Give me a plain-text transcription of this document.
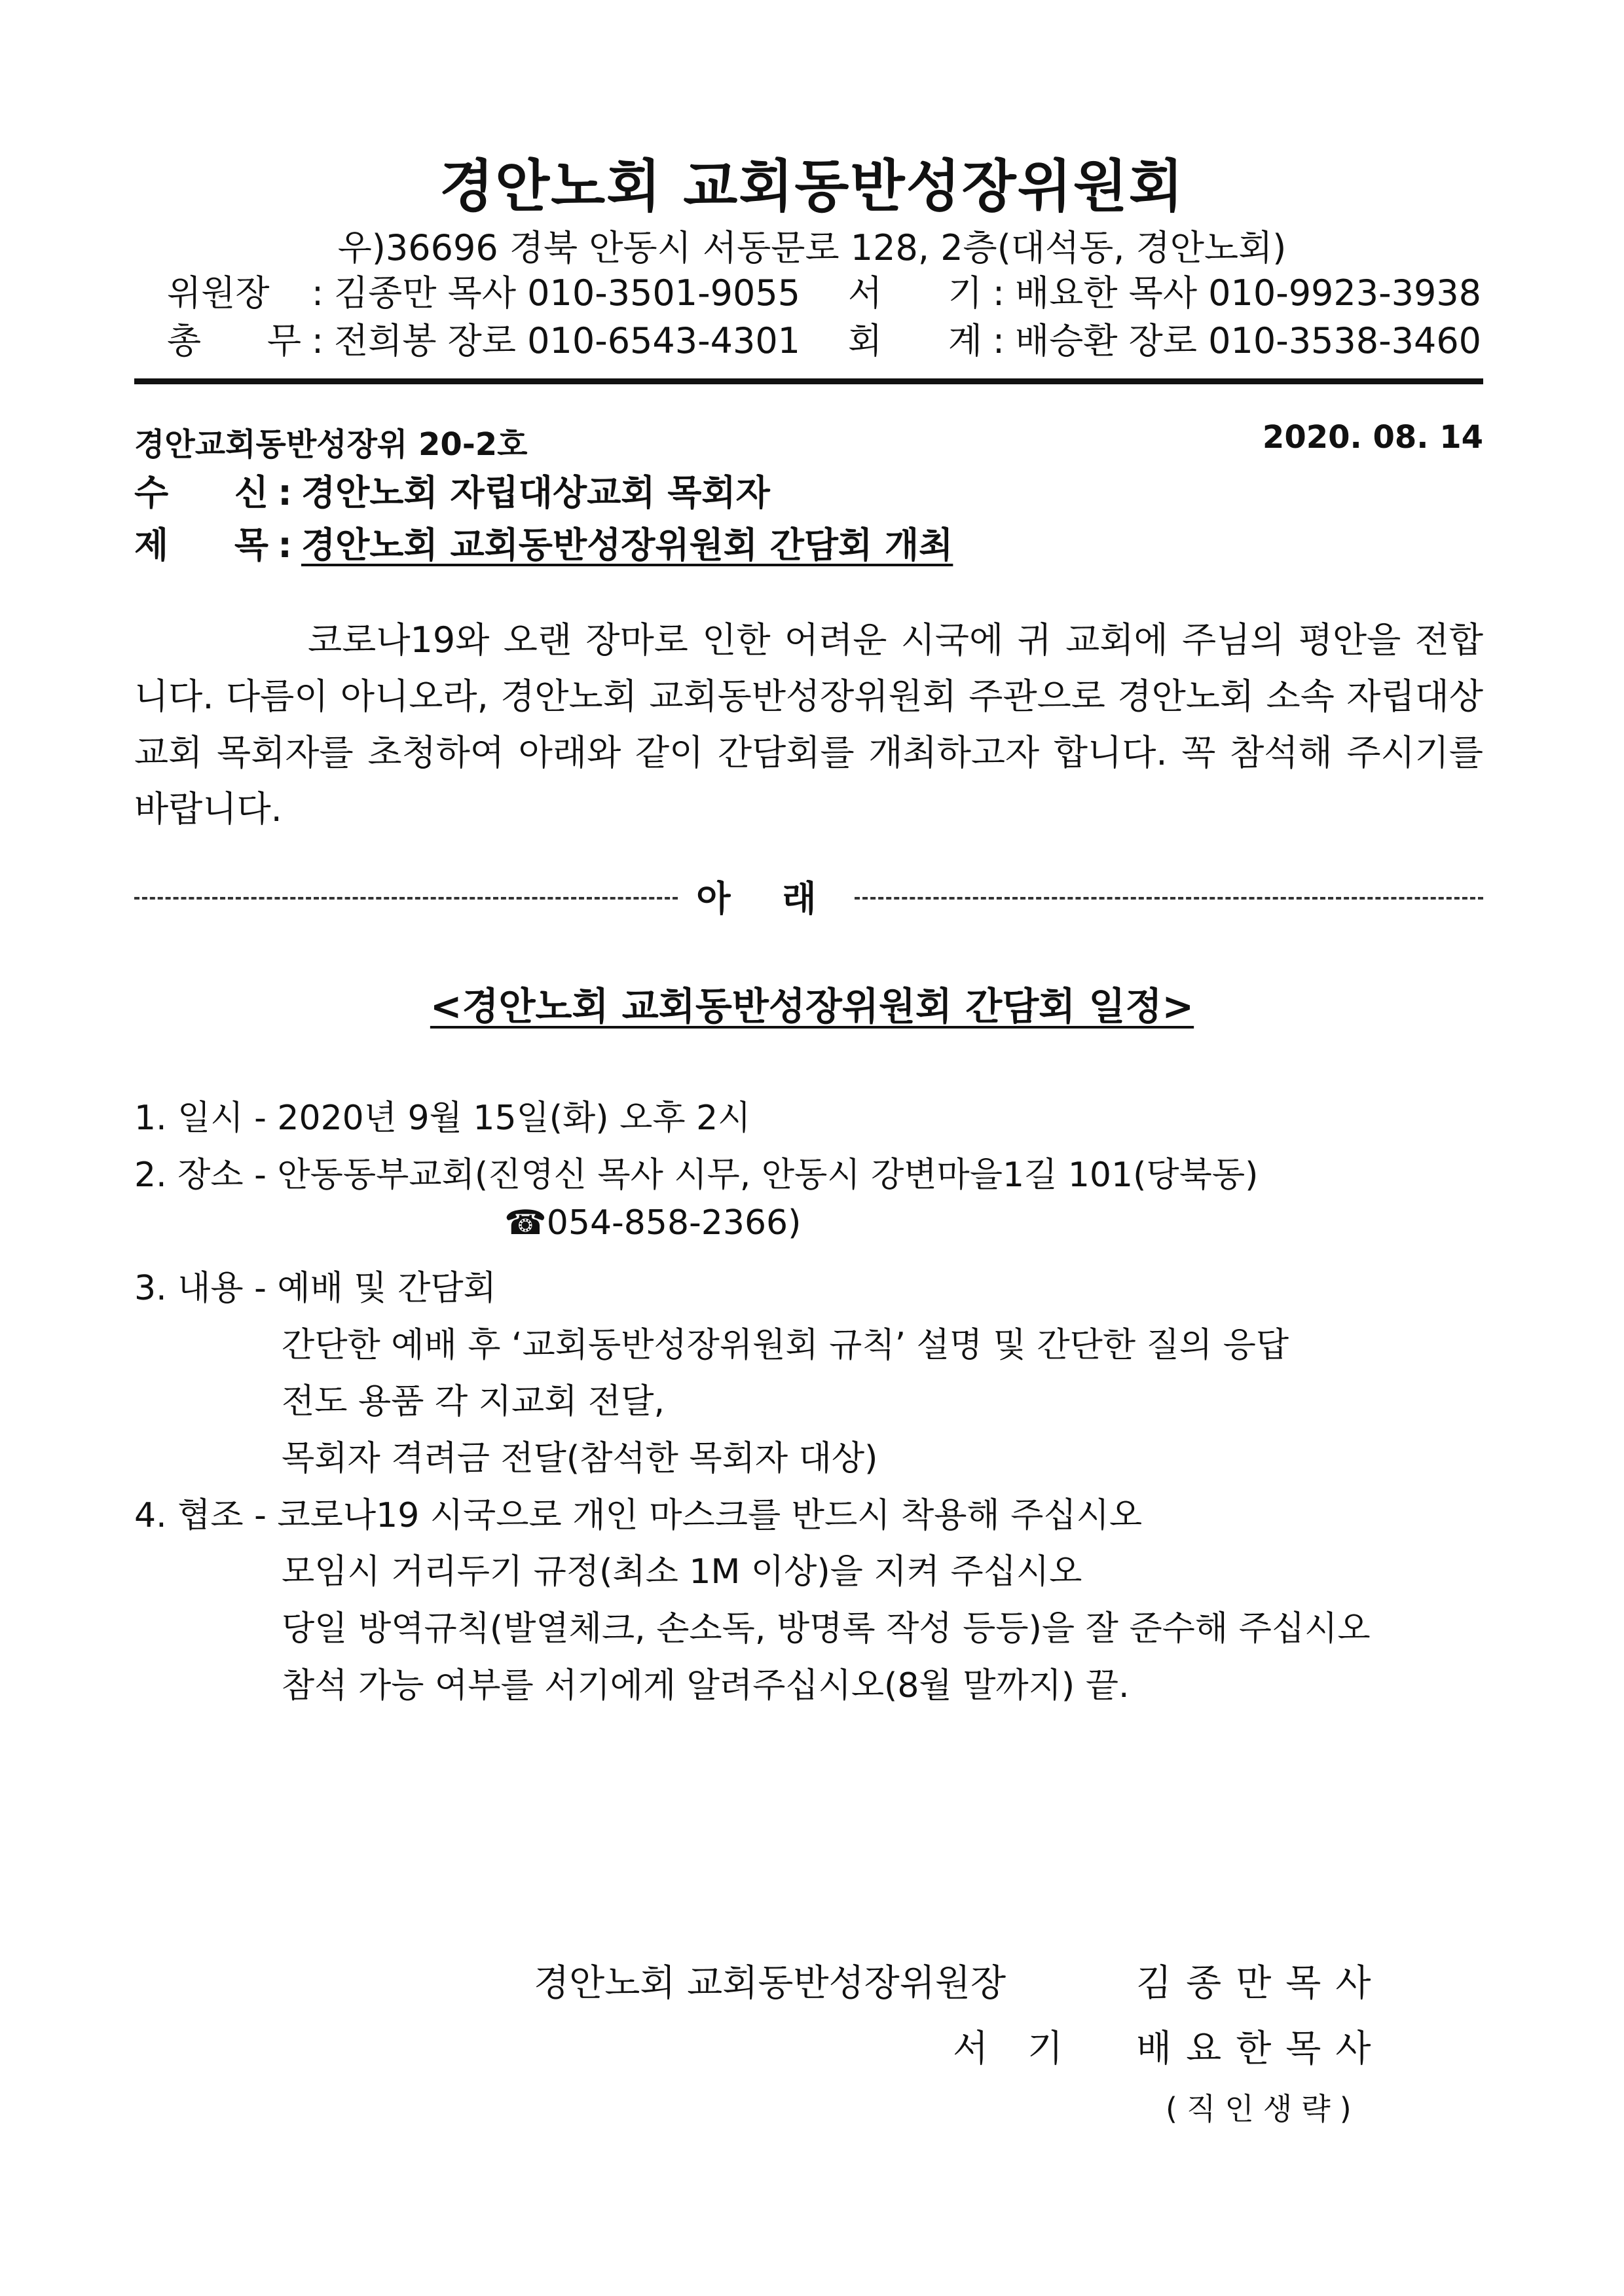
경안노회 교회동반성장위원회
우)36696 경북 안동시 서동문로 128, 2층(대석동, 경안노회)
위원장 : 김종만 목사 010-3501-9055 서 기 : 배요한 목사 010-9923-3938
총 무 : 전희봉 장로 010-6543-4301 회 계 : 배승환 장로 010-3538-3460
경안교회동반성장위 20-2호	2020. 08. 14
수 신 : 경안노회 자립대상교회 목회자
제 목 : 경안노회 교회동반성장위원회 간담회 개최

코로나19와 오랜 장마로 인한 어려운 시국에 귀 교회에 주님의 평안을 전합니다. 다름이 아니오라, 경안노회 교회동반성장위원회 주관으로 경안노회 소속 자립대상교회 목회자를 초청하여 아래와 같이 간담회를 개최하고자 합니다. 꼭 참석해 주시기를 바랍니다.

아 래
<경안노회 교회동반성장위원회 간담회 일정>
1. 일시 - 2020년 9월 15일(화) 오후 2시
2. 장소 - 안동동부교회(진영신 목사 시무, 안동시 강변마을1길 101(당북동)
☎054-858-2366)
3. 내용 - 예배 및 간담회
간단한 예배 후 ‘교회동반성장위원회 규칙’ 설명 및 간단한 질의 응답
전도 용품 각 지교회 전달,
목회자 격려금 전달(참석한 목회자 대상)
4. 협조 - 코로나19 시국으로 개인 마스크를 반드시 착용해 주십시오
모임시 거리두기 규정(최소 1M 이상)을 지켜 주십시오
당일 방역규칙(발열체크, 손소독, 방명록 작성 등등)을 잘 준수해 주십시오
참석 가능 여부를 서기에게 알려주십시오(8월 말까지) 끝.
경안노회 교회동반성장위원장	김종만목사
서기 배요한목사
(직인생략)
